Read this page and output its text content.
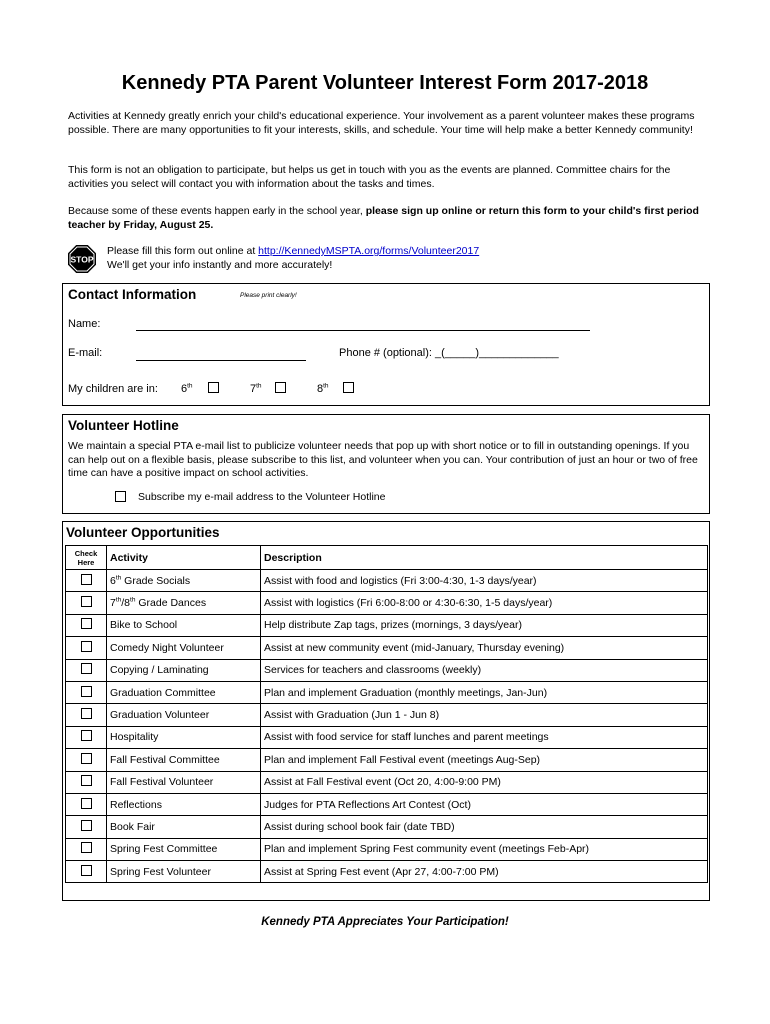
Kennedy PTA Parent Volunteer Interest Form 2017-2018
Activities at Kennedy greatly enrich your child's educational experience. Your involvement as a parent volunteer makes these programs possible. There are many opportunities to fit your interests, skills, and schedule. Your time will help make a better Kennedy community!
This form is not an obligation to participate, but helps us get in touch with you as the events are planned. Committee chairs for the activities you select will contact you with information about the tasks and times.
Because some of these events happen early in the school year, please sign up online or return this form to your child's first period teacher by Friday, August 25.
STOP
Please fill this form out online at http://KennedyMSPTA.org/forms/Volunteer2017
We'll get your info instantly and more accurately!
Contact Information	Please print clearly!
Name:
E-mail:	Phone # (optional): _(_____)_____________
My children are in: 6th	7th	8th
Volunteer Hotline
We maintain a special PTA e-mail list to publicize volunteer needs that pop up with short notice or to fill in outstanding openings. If you can help out on a flexible basis, please subscribe to this list, and volunteer when you can. Your contribution of just an hour or two of free time can have a positive impact on school activities.
Subscribe my e-mail address to the Volunteer Hotline
Volunteer Opportunities
Check
Here	Activity	Description
	6th Grade Socials	Assist with food and logistics (Fri 3:00-4:30, 1-3 days/year)
	7th/8th Grade Dances	Assist with logistics (Fri 6:00-8:00 or 4:30-6:30, 1-5 days/year)
	Bike to School	Help distribute Zap tags, prizes (mornings, 3 days/year)
	Comedy Night Volunteer	Assist at new community event (mid-January, Thursday evening)
	Copying / Laminating	Services for teachers and classrooms (weekly)
	Graduation Committee	Plan and implement Graduation (monthly meetings, Jan-Jun)
	Graduation Volunteer	Assist with Graduation (Jun 1 - Jun 8)
	Hospitality	Assist with food service for staff lunches and parent meetings
	Fall Festival Committee	Plan and implement Fall Festival event (meetings Aug-Sep)
	Fall Festival Volunteer	Assist at Fall Festival event (Oct 20, 4:00-9:00 PM)
	Reflections	Judges for PTA Reflections Art Contest (Oct)
	Book Fair	Assist during school book fair (date TBD)
	Spring Fest Committee	Plan and implement Spring Fest community event (meetings Feb-Apr)
	Spring Fest Volunteer	Assist at Spring Fest event (Apr 27, 4:00-7:00 PM)
Kennedy PTA Appreciates Your Participation!
